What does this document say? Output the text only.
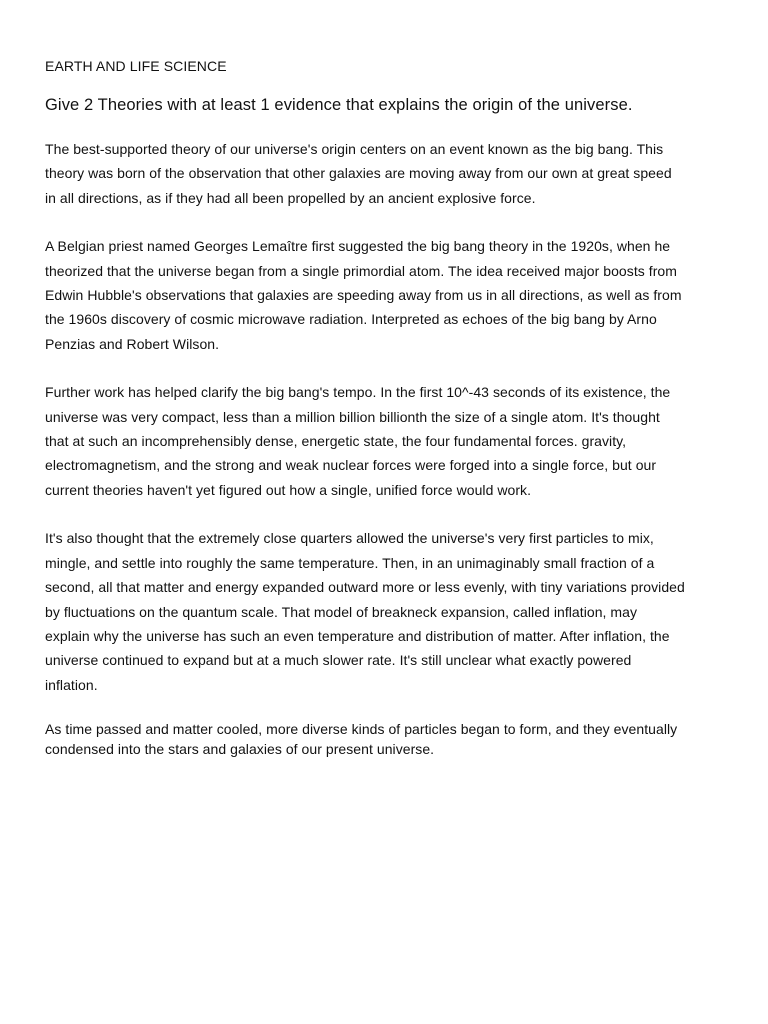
EARTH AND LIFE SCIENCE

Give 2 Theories with at least 1 evidence that explains the origin of the universe.

The best-supported theory of our universe's origin centers on an event known as the big bang. This theory was born of the observation that other galaxies are moving away from our own at great speed in all directions, as if they had all been propelled by an ancient explosive force.

A Belgian priest named Georges Lemaître first suggested the big bang theory in the 1920s, when he theorized that the universe began from a single primordial atom. The idea received major boosts from Edwin Hubble's observations that galaxies are speeding away from us in all directions, as well as from the 1960s discovery of cosmic microwave radiation. Interpreted as echoes of the big bang by Arno Penzias and Robert Wilson.

Further work has helped clarify the big bang's tempo. In the first 10^-43 seconds of its existence, the universe was very compact, less than a million billion billionth the size of a single atom. It's thought that at such an incomprehensibly dense, energetic state, the four fundamental forces. gravity, electromagnetism, and the strong and weak nuclear forces were forged into a single force, but our current theories haven't yet figured out how a single, unified force would work.

It's also thought that the extremely close quarters allowed the universe's very first particles to mix, mingle, and settle into roughly the same temperature. Then, in an unimaginably small fraction of a second, all that matter and energy expanded outward more or less evenly, with tiny variations provided by fluctuations on the quantum scale. That model of breakneck expansion, called inflation, may explain why the universe has such an even temperature and distribution of matter. After inflation, the universe continued to expand but at a much slower rate. It's still unclear what exactly powered inflation.

As time passed and matter cooled, more diverse kinds of particles began to form, and they eventually condensed into the stars and galaxies of our present universe.
